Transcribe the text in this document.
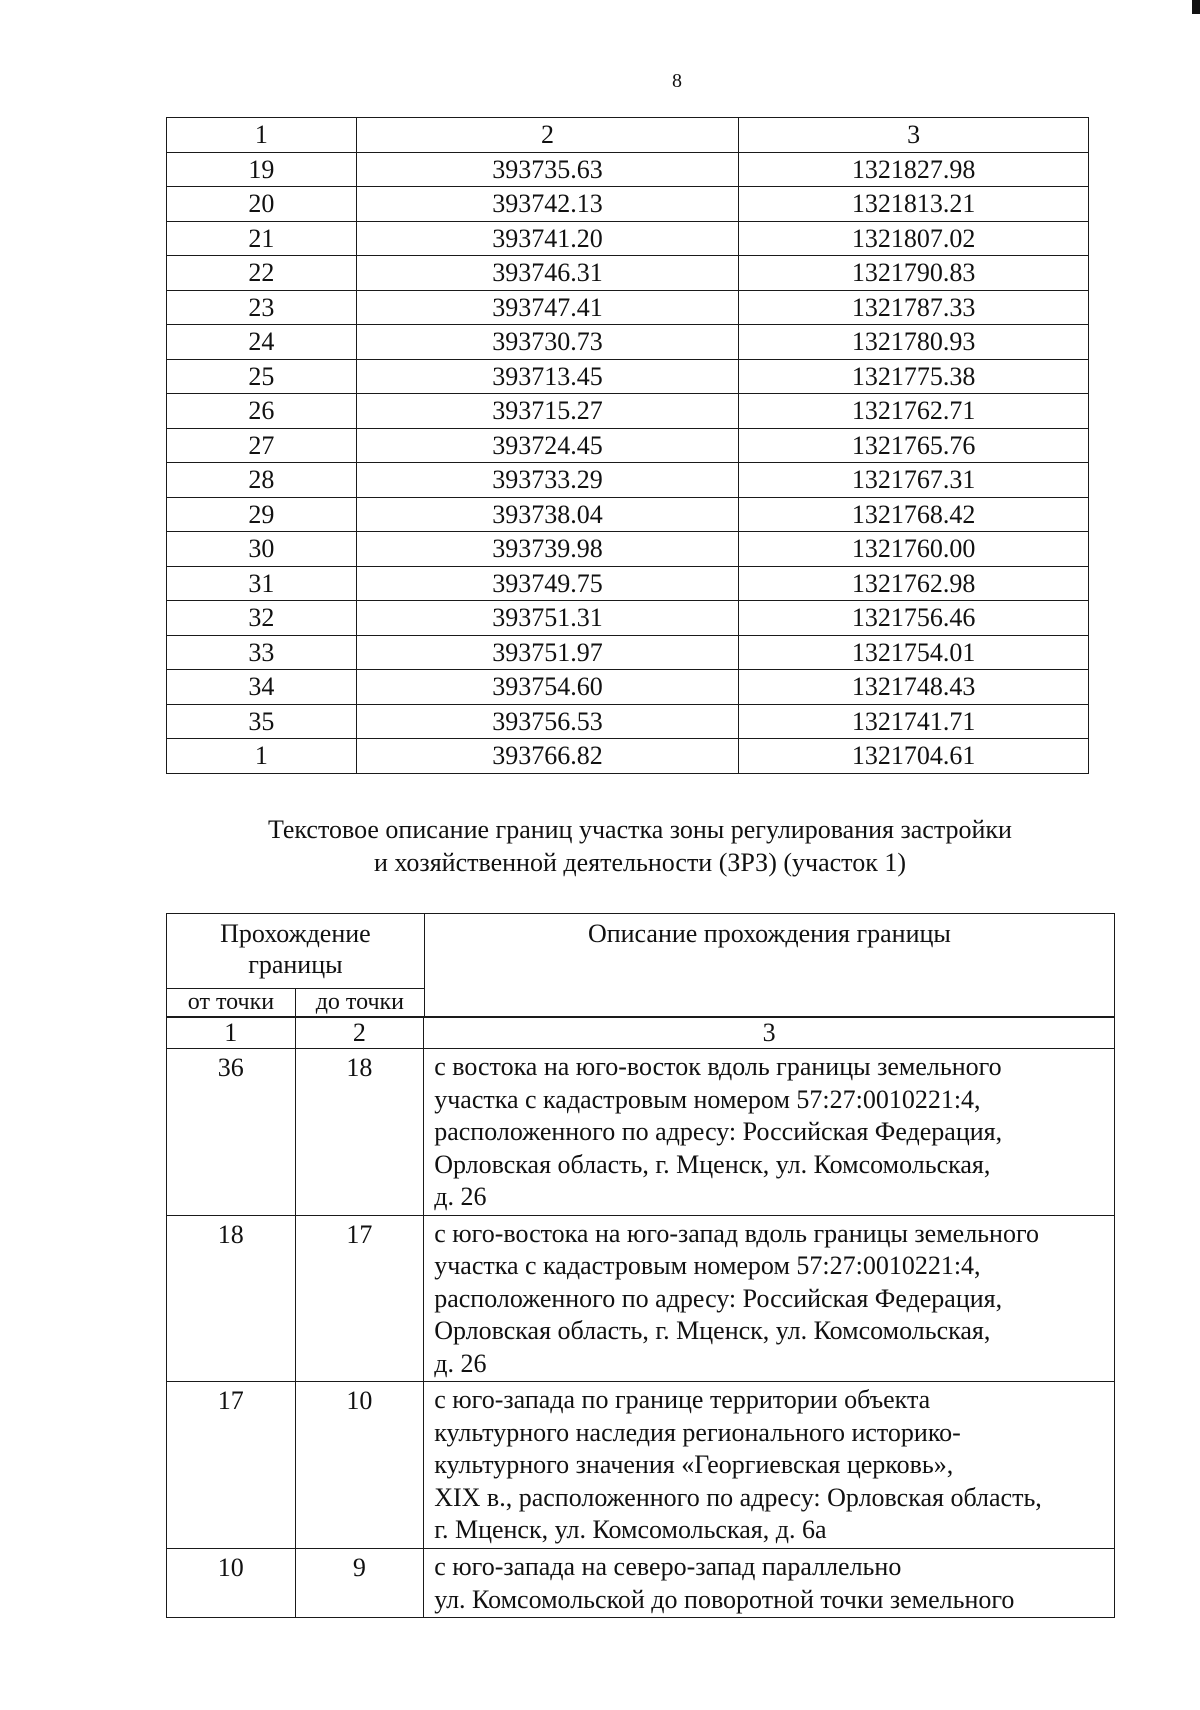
8
1	2	3
19	393735.63	1321827.98
20	393742.13	1321813.21
21	393741.20	1321807.02
22	393746.31	1321790.83
23	393747.41	1321787.33
24	393730.73	1321780.93
25	393713.45	1321775.38
26	393715.27	1321762.71
27	393724.45	1321765.76
28	393733.29	1321767.31
29	393738.04	1321768.42
30	393739.98	1321760.00
31	393749.75	1321762.98
32	393751.31	1321756.46
33	393751.97	1321754.01
34	393754.60	1321748.43
35	393756.53	1321741.71
1	393766.82	1321704.61
Текстовое описание границ участка зоны регулирования застройки
и хозяйственной деятельности (ЗРЗ) (участок 1)
Прохождение
границы		Описание прохождения границы
от точки	до точки	
1	2	3
36	18	с востока на юго-восток вдоль границы земельного
участка с кадастровым номером 57:27:0010221:4,
расположенного по адресу: Российская Федерация,
Орловская область, г. Мценск, ул. Комсомольская,
д. 26

18	17	с юго-востока на юго-запад вдоль границы земельного
участка с кадастровым номером 57:27:0010221:4,
расположенного по адресу: Российская Федерация,
Орловская область, г. Мценск, ул. Комсомольская,
д. 26

17	10	с юго-запада по границе территории объекта
культурного наследия регионального историко-
культурного значения «Георгиевская церковь»,
XIX в., расположенного по адресу: Орловская область,
г. Мценск, ул. Комсомольская, д. 6а

10	9	с юго-запада на северо-запад параллельно
ул. Комсомольской до поворотной точки земельного
